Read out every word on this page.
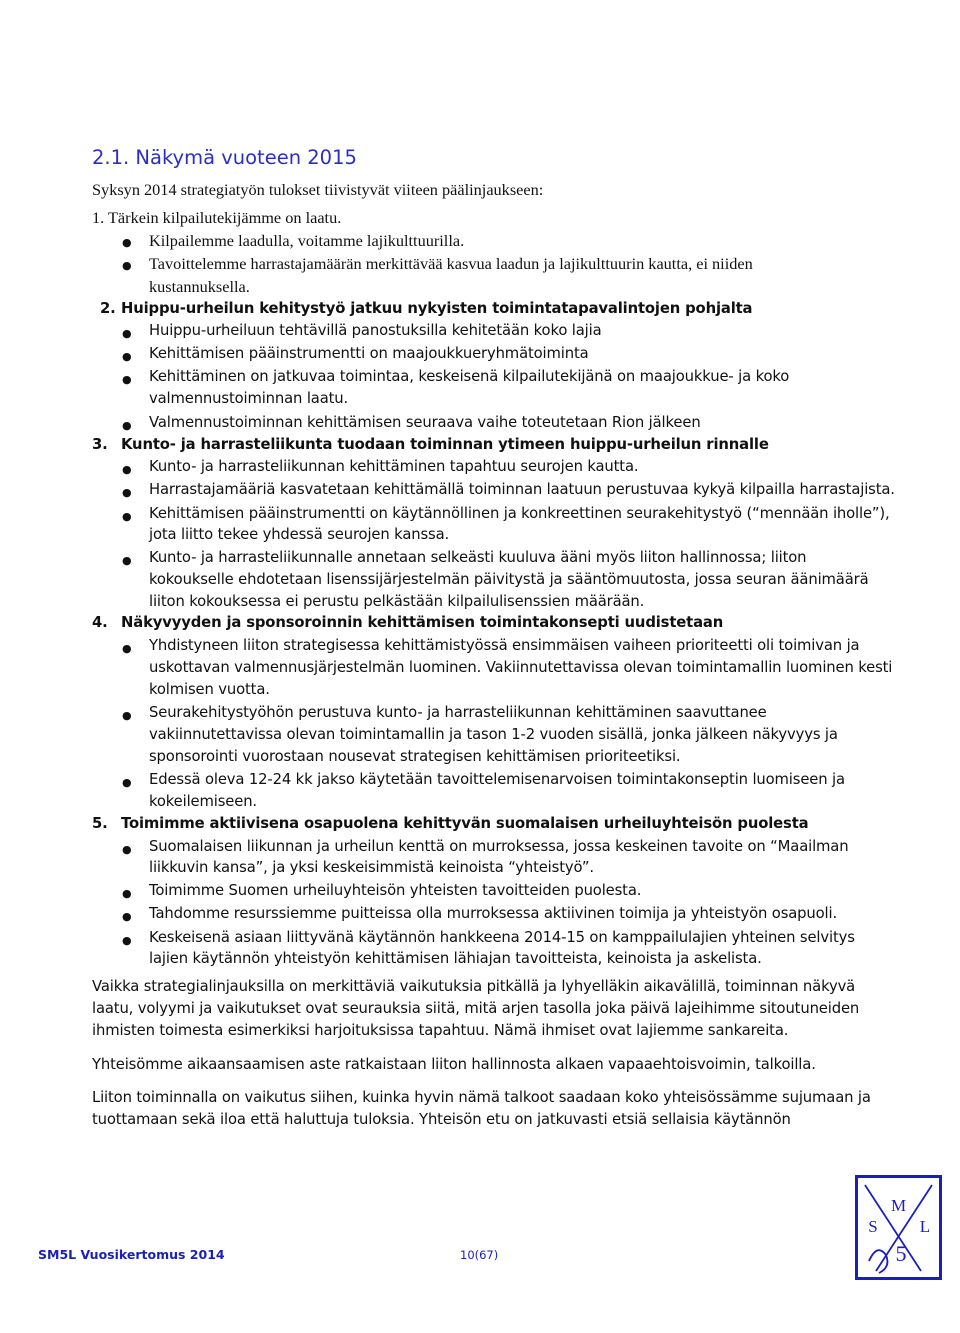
2.1. Näkymä vuoteen 2015
Syksyn 2014 strategiatyön tulokset tiivistyvät viiteen päälinjaukseen:
1. Tärkein kilpailutekijämme on laatu.
● Kilpailemme laadulla, voitamme lajikulttuurilla.
● Tavoittelemme harrastajamäärän merkittävää kasvua laadun ja lajikulttuurin kautta, ei niiden
kustannuksella.
2. Huippu-urheilun kehitystyö jatkuu nykyisten toimintatapavalintojen pohjalta
● Huippu-urheiluun tehtävillä panostuksilla kehitetään koko lajia
● Kehittämisen pääinstrumentti on maajoukkueryhmätoiminta
● Kehittäminen on jatkuvaa toimintaa, keskeisenä kilpailutekijänä on maajoukkue- ja koko
valmennustoiminnan laatu.
● Valmennustoiminnan kehittämisen seuraava vaihe toteutetaan Rion jälkeen
3. Kunto- ja harrasteliikunta tuodaan toiminnan ytimeen huippu-urheilun rinnalle
● Kunto- ja harrasteliikunnan kehittäminen tapahtuu seurojen kautta.
● Harrastajamääriä kasvatetaan kehittämällä toiminnan laatuun perustuvaa kykyä kilpailla harrastajista.
● Kehittämisen pääinstrumentti on käytännöllinen ja konkreettinen seurakehitystyö (“mennään iholle”),
jota liitto tekee yhdessä seurojen kanssa.
● Kunto- ja harrasteliikunnalle annetaan selkeästi kuuluva ääni myös liiton hallinnossa; liiton
kokoukselle ehdotetaan lisenssijärjestelmän päivitystä ja sääntömuutosta, jossa seuran äänimäärä
liiton kokouksessa ei perustu pelkästään kilpailulisenssien määrään.
4. Näkyvyyden ja sponsoroinnin kehittämisen toimintakonsepti uudistetaan
● Yhdistyneen liiton strategisessa kehittämistyössä ensimmäisen vaiheen prioriteetti oli toimivan ja
uskottavan valmennusjärjestelmän luominen. Vakiinnutettavissa olevan toimintamallin luominen kesti
kolmisen vuotta.
● Seurakehitystyöhön perustuva kunto- ja harrasteliikunnan kehittäminen saavuttanee
vakiinnutettavissa olevan toimintamallin ja tason 1-2 vuoden sisällä, jonka jälkeen näkyvyys ja
sponsorointi vuorostaan nousevat strategisen kehittämisen prioriteetiksi.
● Edessä oleva 12-24 kk jakso käytetään tavoittelemisenarvoisen toimintakonseptin luomiseen ja
kokeilemiseen.
5. Toimimme aktiivisena osapuolena kehittyvän suomalaisen urheiluyhteisön puolesta
● Suomalaisen liikunnan ja urheilun kenttä on murroksessa, jossa keskeinen tavoite on “Maailman
liikkuvin kansa”, ja yksi keskeisimmistä keinoista “yhteistyö”.
● Toimimme Suomen urheiluyhteisön yhteisten tavoitteiden puolesta.
● Tahdomme resurssiemme puitteissa olla murroksessa aktiivinen toimija ja yhteistyön osapuoli.
● Keskeisenä asiaan liittyvänä käytännön hankkeena 2014-15 on kamppailulajien yhteinen selvitys
lajien käytännön yhteistyön kehittämisen lähiajan tavoitteista, keinoista ja askelista.
Vaikka strategialinjauksilla on merkittäviä vaikutuksia pitkällä ja lyhyelläkin aikavälillä, toiminnan näkyvä
laatu, volyymi ja vaikutukset ovat seurauksia siitä, mitä arjen tasolla joka päivä lajeihimme sitoutuneiden
ihmisten toimesta esimerkiksi harjoituksissa tapahtuu. Nämä ihmiset ovat lajiemme sankareita.
Yhteisömme aikaansaamisen aste ratkaistaan liiton hallinnosta alkaen vapaaehtoisvoimin, talkoilla.
Liiton toiminnalla on vaikutus siihen, kuinka hyvin nämä talkoot saadaan koko yhteisössämme sujumaan ja
tuottamaan sekä iloa että haluttuja tuloksia. Yhteisön etu on jatkuvasti etsiä sellaisia käytännön
SM5L Vuosikertomus 2014	10(67)
M
S L
5
